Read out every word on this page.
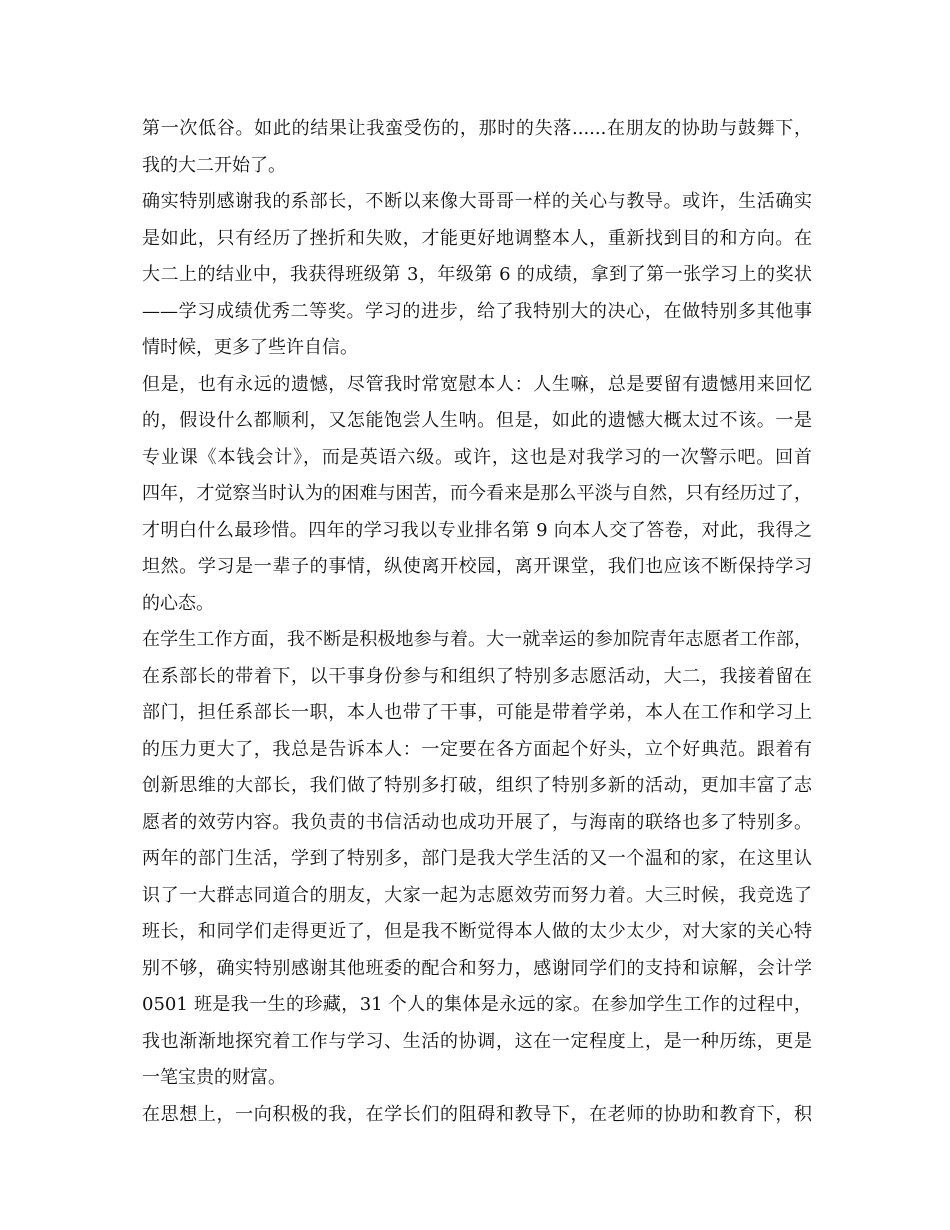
第一次低谷。如此的结果让我蛮受伤的，那时的失落......在朋友的协助与鼓舞下，
我的大二开始了。
确实特别感谢我的系部长，不断以来像大哥哥一样的关心与教导。或许，生活确实
是如此，只有经历了挫折和失败，才能更好地调整本人，重新找到目的和方向。在
大二上的结业中，我获得班级第 3，年级第 6 的成绩，拿到了第一张学习上的奖状
——学习成绩优秀二等奖。学习的进步，给了我特别大的决心，在做特别多其他事
情时候，更多了些许自信。
但是，也有永远的遗憾，尽管我时常宽慰本人：人生嘛，总是要留有遗憾用来回忆
的，假设什么都顺利，又怎能饱尝人生呐。但是，如此的遗憾大概太过不该。一是
专业课《本钱会计》，而是英语六级。或许，这也是对我学习的一次警示吧。回首
四年，才觉察当时认为的困难与困苦，而今看来是那么平淡与自然，只有经历过了，
才明白什么最珍惜。四年的学习我以专业排名第 9 向本人交了答卷，对此，我得之
坦然。学习是一辈子的事情，纵使离开校园，离开课堂，我们也应该不断保持学习
的心态。
在学生工作方面，我不断是积极地参与着。大一就幸运的参加院青年志愿者工作部，
在系部长的带着下，以干事身份参与和组织了特别多志愿活动，大二，我接着留在
部门，担任系部长一职，本人也带了干事，可能是带着学弟，本人在工作和学习上
的压力更大了，我总是告诉本人：一定要在各方面起个好头，立个好典范。跟着有
创新思维的大部长，我们做了特别多打破，组织了特别多新的活动，更加丰富了志
愿者的效劳内容。我负责的书信活动也成功开展了，与海南的联络也多了特别多。
两年的部门生活，学到了特别多，部门是我大学生活的又一个温和的家，在这里认
识了一大群志同道合的朋友，大家一起为志愿效劳而努力着。大三时候，我竞选了
班长，和同学们走得更近了，但是我不断觉得本人做的太少太少，对大家的关心特
别不够，确实特别感谢其他班委的配合和努力，感谢同学们的支持和谅解，会计学
0501 班是我一生的珍藏，31 个人的集体是永远的家。在参加学生工作的过程中，
我也渐渐地探究着工作与学习、生活的协调，这在一定程度上，是一种历练，更是
一笔宝贵的财富。
在思想上，一向积极的我，在学长们的阻碍和教导下，在老师的协助和教育下，积
